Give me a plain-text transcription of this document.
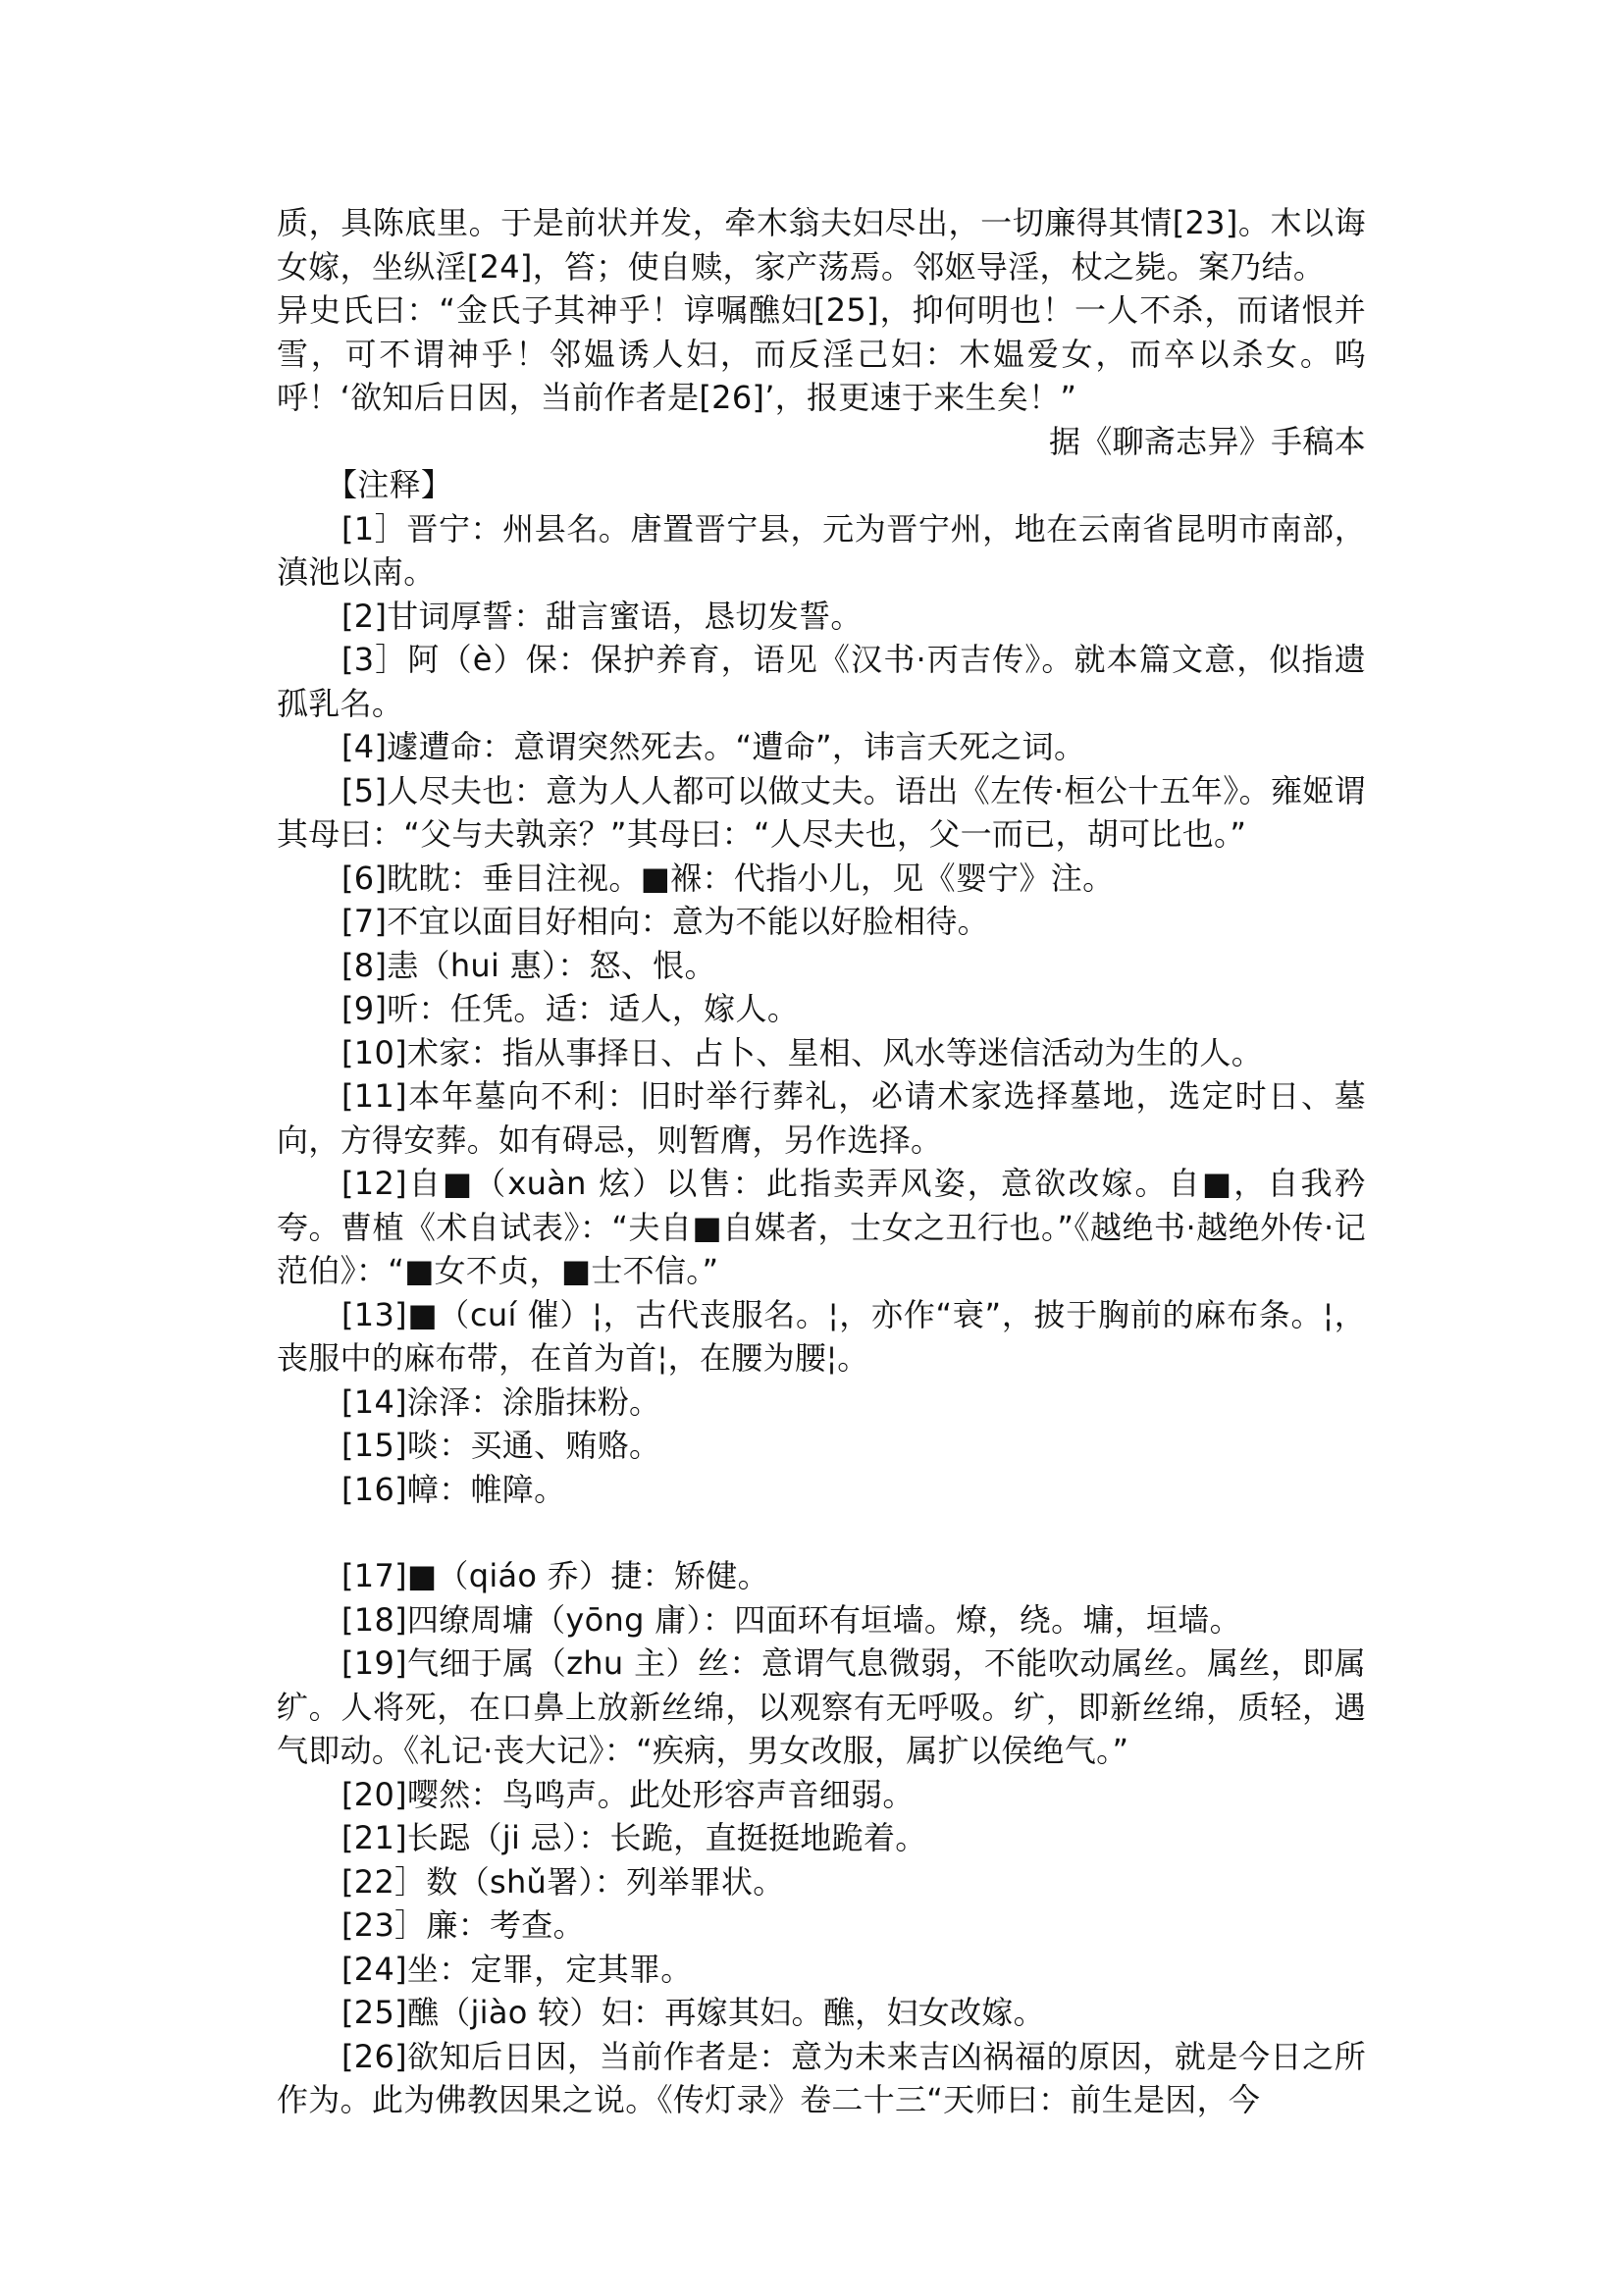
质，具陈底里。于是前状并发，牵木翁夫妇尽出，一切廉得其情[23]。木以诲女嫁，坐纵淫[24]，笞；使自赎，家产荡焉。邻妪导淫，杖之毙。案乃结。

异史氏曰：“金氏子其神乎！谆嘱醮妇[25]，抑何明也！一人不杀，而诸恨并雪，可不谓神乎！邻媪诱人妇，而反淫己妇：木媪爱女，而卒以杀女。呜呼！‘欲知后日因，当前作者是[26]’，报更速于来生矣！”

据《聊斋志异》手稿本

【注释】

[1］晋宁：州县名。唐置晋宁县，元为晋宁州，地在云南省昆明市南部，滇池以南。

[2]甘词厚誓：甜言蜜语，恳切发誓。

[3］阿（è）保：保护养育，语见《汉书·丙吉传》。就本篇文意，似指遗孤乳名。

[4]遽遭命：意谓突然死去。“遭命”，讳言夭死之词。

[5]人尽夫也：意为人人都可以做丈夫。语出《左传·桓公十五年》。雍姬谓其母曰：“父与夫孰亲？”其母曰：“人尽夫也，父一而已，胡可比也。”

[6]眈眈：垂目注视。■褓：代指小儿，见《婴宁》注。

[7]不宜以面目好相向：意为不能以好脸相待。

[8]恚（hui 惠）：怒、恨。

[9]听：任凭。适：适人，嫁人。

[10]术家：指从事择日、占卜、星相、风水等迷信活动为生的人。

[11]本年墓向不利：旧时举行葬礼，必请术家选择墓地，选定时日、墓向，方得安葬。如有碍忌，则暂膺，另作选择。

[12]自■（xuàn 炫）以售：此指卖弄风姿，意欲改嫁。自■，自我矜夸。曹植《术自试表》：“夫自■自媒者，士女之丑行也。”《越绝书·越绝外传·记范伯》：“■女不贞，■士不信。”

[13]■（cuí 催）¦，古代丧服名。¦，亦作“衰”，披于胸前的麻布条。¦，丧服中的麻布带，在首为首¦，在腰为腰¦。

[14]涂泽：涂脂抹粉。

[15]啖：买通、贿赂。

[16]幛：帷障。

[17]■（qiáo 乔）捷：矫健。

[18]四缭周墉（yōng 庸）：四面环有垣墙。燎，绕。墉，垣墙。

[19]气细于属（zhu 主）丝：意谓气息微弱，不能吹动属丝。属丝，即属纩。人将死，在口鼻上放新丝绵，以观察有无呼吸。纩，即新丝绵，质轻，遇气即动。《礼记·丧大记》：“疾病，男女改服，属扩以侯绝气。”

[20]嘤然：鸟鸣声。此处形容声音细弱。

[21]长跽（ji 忌）：长跪，直挺挺地跪着。

[22］数（shǔ署）：列举罪状。

[23］廉：考查。

[24]坐：定罪，定其罪。

[25]醮（jiào 较）妇：再嫁其妇。醮，妇女改嫁。

[26]欲知后日因，当前作者是：意为未来吉凶祸福的原因，就是今日之所作为。此为佛教因果之说。《传灯录》卷二十三“天师曰：前生是因，今
